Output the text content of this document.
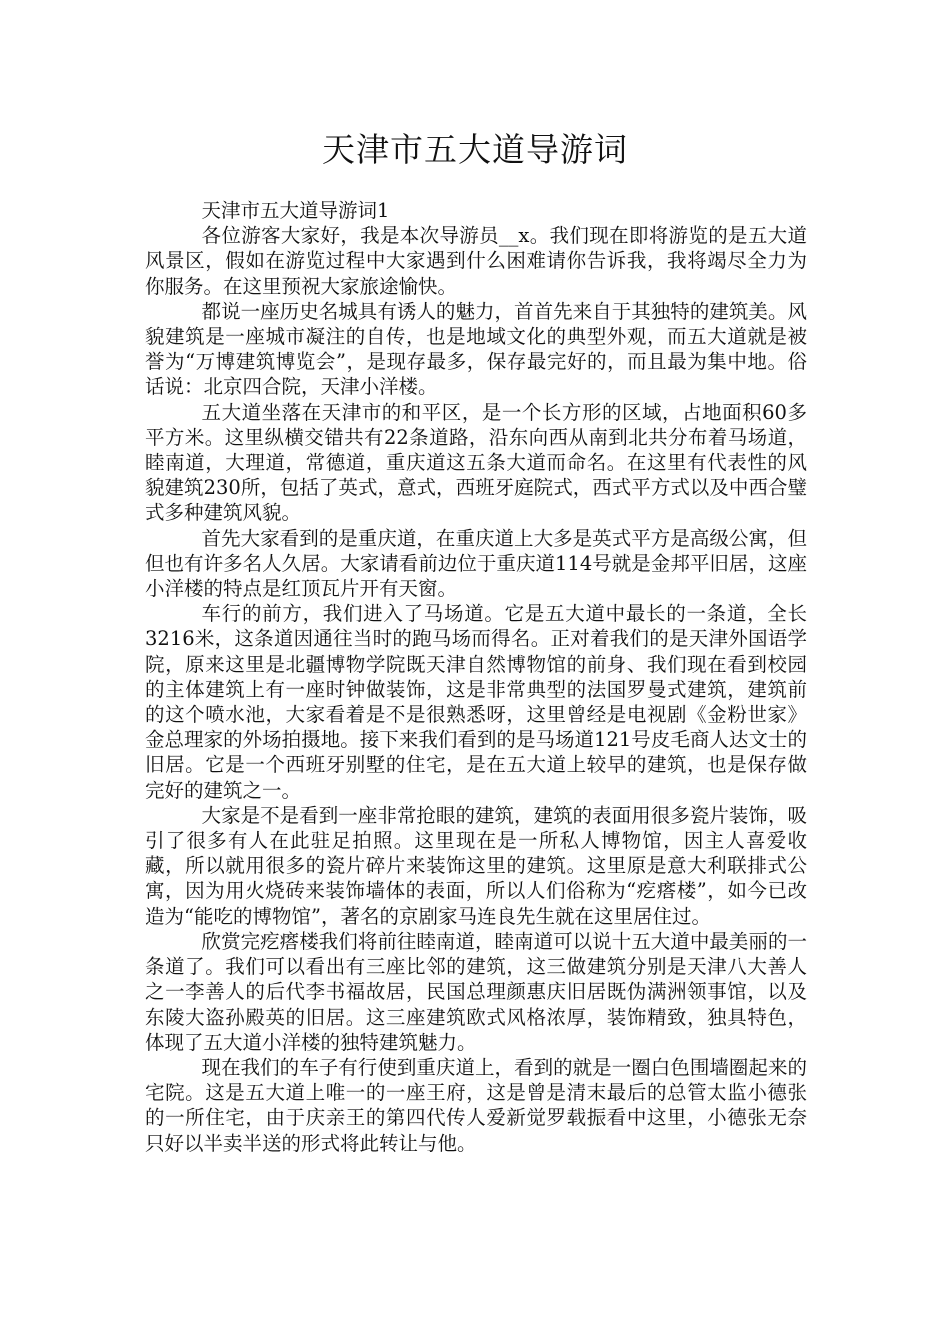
天津市五大道导游词

天津市五大道导游词1

各位游客大家好，我是本次导游员__x。我们现在即将游览的是五大道风景区，假如在游览过程中大家遇到什么困难请你告诉我，我将竭尽全力为你服务。在这里预祝大家旅途愉快。

都说一座历史名城具有诱人的魅力，首首先来自于其独特的建筑美。风貌建筑是一座城市凝注的自传，也是地域文化的典型外观，而五大道就是被誉为“万博建筑博览会”，是现存最多，保存最完好的，而且最为集中地。俗话说：北京四合院，天津小洋楼。

五大道坐落在天津市的和平区，是一个长方形的区域，占地面积60多平方米。这里纵横交错共有22条道路，沿东向西从南到北共分布着马场道，睦南道，大理道，常德道，重庆道这五条大道而命名。在这里有代表性的风貌建筑230所，包括了英式，意式，西班牙庭院式，西式平方式以及中西合璧式多种建筑风貌。

首先大家看到的是重庆道，在重庆道上大多是英式平方是高级公寓，但但也有许多名人久居。大家请看前边位于重庆道114号就是金邦平旧居，这座小洋楼的特点是红顶瓦片开有天窗。

车行的前方，我们进入了马场道。它是五大道中最长的一条道，全长3216米，这条道因通往当时的跑马场而得名。正对着我们的是天津外国语学院，原来这里是北疆博物学院既天津自然博物馆的前身、我们现在看到校园的主体建筑上有一座时钟做装饰，这是非常典型的法国罗曼式建筑，建筑前的这个喷水池，大家看着是不是很熟悉呀，这里曾经是电视剧《金粉世家》金总理家的外场拍摄地。接下来我们看到的是马场道121号皮毛商人达文士的旧居。它是一个西班牙别墅的住宅，是在五大道上较早的建筑，也是保存做完好的建筑之一。

大家是不是看到一座非常抢眼的建筑，建筑的表面用很多瓷片装饰，吸引了很多有人在此驻足拍照。这里现在是一所私人博物馆，因主人喜爱收藏，所以就用很多的瓷片碎片来装饰这里的建筑。这里原是意大利联排式公寓，因为用火烧砖来装饰墙体的表面，所以人们俗称为“疙瘩楼”，如今已改造为“能吃的博物馆”，著名的京剧家马连良先生就在这里居住过。

欣赏完疙瘩楼我们将前往睦南道，睦南道可以说十五大道中最美丽的一条道了。我们可以看出有三座比邻的建筑，这三做建筑分别是天津八大善人之一李善人的后代李书福故居，民国总理颜惠庆旧居既伪满洲领事馆，以及东陵大盗孙殿英的旧居。这三座建筑欧式风格浓厚，装饰精致，独具特色，体现了五大道小洋楼的独特建筑魅力。

现在我们的车子有行使到重庆道上，看到的就是一圈白色围墙圈起来的宅院。这是五大道上唯一的一座王府，这是曾是清末最后的总管太监小德张的一所住宅，由于庆亲王的第四代传人爱新觉罗载振看中这里，小德张无奈只好以半卖半送的形式将此转让与他。
